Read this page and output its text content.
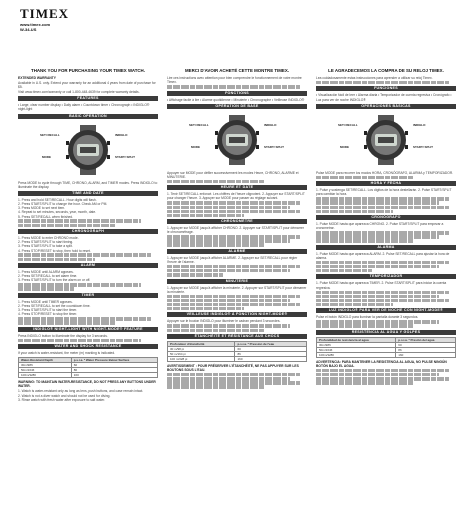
TIMEX
www.timex.com
W-34-US
THANK YOU FOR PURCHASING YOUR TIMEX WATCH.
EXTENDED WARRANTY
Available in U.S. only. Extend your warranty for an additional 4 years from date of purchase for $5.
Visit www.timex.com/warranty or call 1-800-448-4639 for complete warranty details.
FEATURES
• Large, clear number display • Daily alarm • Countdown timer • Chronograph • INDIGLO® night-light
BASIC OPERATION
SET/ RECALL	INDIGLO
MODE	START/ SPLIT
Press MODE to cycle through TIME, CHRONO, ALARM, and TIMER modes. Press INDIGLO to illuminate the display.
TIME AND DATE
1. Press and hold SET/RECALL. Hour digits will flash.
2. Press START/SPLIT to change the hour. Check AM or PM.
3. Press MODE to set next item.
4. Repeat to set minutes, seconds, year, month, date.
5. Press SET/RECALL when finished.
CHRONOGRAPH
1. Press MODE to enter CHRONO mode.
2. Press START/SPLIT to start timing.
3. Press START/SPLIT to take a split.
4. Press STOP/RESET to stop, then hold to reset.
ALARM
1. Press MODE until ALARM appears.
2. Press SET/RECALL to set alarm time.
3. Press START/SPLIT to turn the alarm on or off.
TIMER
1. Press MODE until TIMER appears.
2. Press SET/RECALL to set the countdown time.
3. Press START/SPLIT to start the timer.
4. Press STOP/RESET to stop the timer.
INDIGLO® NIGHT-LIGHT WITH NIGHT-MODE® FEATURE
Press INDIGLO button to illuminate the display for 3 seconds.
WATER AND SHOCK RESISTANCE
If your watch is water-resistant, the meter (m) marking is indicated.
Water-Resistant Depth	p.s.i.a. * Water Pressure Below Surface
30m/98ft	60
50m/164ft	86
100m/328ft	160
WARNING: TO MAINTAIN WATER-RESISTANCE, DO NOT PRESS ANY BUTTONS UNDER WATER.
1. Watch is water-resistant only as long as lens, push buttons, and case remain intact.
2. Watch is not a diver watch and should not be used for diving.
3. Rinse watch with fresh water after exposure to salt water.
MERCI D'AVOIR ACHETÉ CETTE MONTRE TIMEX.
Lire ces instructions avec attention pour bien comprendre le fonctionnement de votre montre Timex.
FONCTIONS
• Affichage facile à lire • Alarme quotidienne • Minuterie • Chronographe • Veilleuse INDIGLO®
OPÉRATION DE BASE
SET/ RECALL	INDIGLO
MODE	START/ SPLIT
Appuyer sur MODE pour défiler successivement les modes Heure, CHRONO, ALARME et MINUTERIE.
HEURE ET DATE
1. Tenir SET/RECALL enfoncé. Les chiffres de l'heure clignotent. 2. Appuyer sur START/SPLIT pour changer l'heure. 3. Appuyer sur MODE pour passer au réglage suivant.
CHRONOMÈTRE
1. Appuyer sur MODE jusqu'à afficher CHRONO. 2. Appuyer sur START/SPLIT pour démarrer le chronométrage.
ALARME
1. Appuyer sur MODE jusqu'à afficher ALARME. 2. Appuyer sur SET/RECALL pour régler l'heure de l'alarme.
MINUTERIE
1. Appuyer sur MODE jusqu'à afficher la minuterie. 2. Appuyer sur START/SPLIT pour démarrer la minuterie.
VEILLEUSE INDIGLO® À FONCTION NIGHT-MODE®
Appuyer sur le bouton INDIGLO pour illuminer le cadran pendant 3 secondes.
ÉTANCHÉITÉ ET RÉSISTANCE AUX CHOCS
Profondeur d'étanchéité	p.s.i.a. * Pression de l'eau
30 m/98 pi	60
50 m/164 pi	86
100 m/328 pi	160
AVERTISSEMENT : POUR PRÉSERVER L'ÉTANCHÉITÉ, NE PAS APPUYER SUR LES BOUTONS SOUS L'EAU.
LE AGRADECEMOS LA COMPRA DE SU RELOJ TIMEX.
Lea cuidadosamente estas instrucciones para aprender a utilizar su reloj Timex.
FUNCIONES
• Visualización fácil de leer • Alarma diaria • Temporizador de cuenta regresiva • Cronógrafo • Luz para ver de noche INDIGLO®
OPERACIONES BÁSICAS
SET/ RECALL	INDIGLO
MODE	START/ SPLIT
Pulse MODE para recorrer los modos HORA, CRONÓGRAFO, ALARMA y TEMPORIZADOR.
HORA Y FECHA
1. Pulse y sostenga SET/RECALL. Los dígitos de la hora destellarán. 2. Pulse START/SPLIT para cambiar la hora.
CRONÓGRAFO
1. Pulse MODE hasta que aparezca CHRONO. 2. Pulse START/SPLIT para empezar a cronometrar.
ALARMA
1. Pulse MODE hasta que aparezca ALARM. 2. Pulse SET/RECALL para ajustar la hora de alarma.
TEMPORIZADOR
1. Pulse MODE hasta que aparezca TIMER. 2. Pulse START/SPLIT para iniciar la cuenta regresiva.
LUZ INDIGLO® PARA VER DE NOCHE CON NIGHT-MODE®
Pulse el botón INDIGLO para iluminar la pantalla durante 3 segundos.
RESISTENCIA AL AGUA Y GOLPES
Profundidad de resistencia al agua	p.s.i.a. * Presión del agua
30m/98ft	60
50m/164ft	86
100m/328ft	160
ADVERTENCIA: PARA MANTENER LA RESISTENCIA AL AGUA, NO PULSE NINGÚN BOTÓN BAJO EL AGUA.
